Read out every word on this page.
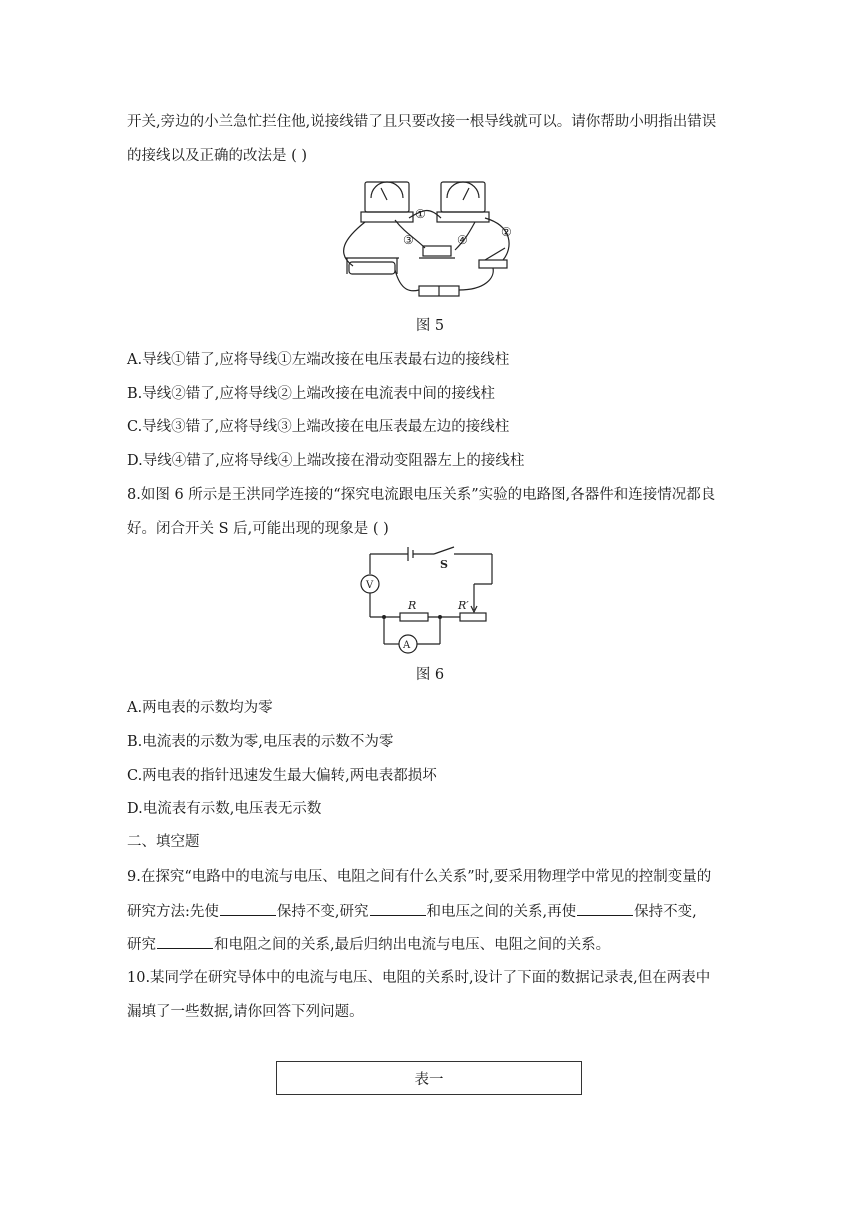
开关,旁边的小兰急忙拦住他,说接线错了且只要改接一根导线就可以。请你帮助小明指出错误
的接线以及正确的改法是 ( )
①
②
③	④
图 5
A.导线①错了,应将导线①左端改接在电压表最右边的接线柱
B.导线②错了,应将导线②上端改接在电流表中间的接线柱
C.导线③错了,应将导线③上端改接在电压表最左边的接线柱
D.导线④错了,应将导线④上端改接在滑动变阻器左上的接线柱
8.如图 6 所示是王洪同学连接的“探究电流跟电压关系”实验的电路图,各器件和连接情况都良
好。闭合开关 S 后,可能出现的现象是 ( )
S
V
A
R	R′
图 6
A.两电表的示数均为零
B.电流表的示数为零,电压表的示数不为零
C.两电表的指针迅速发生最大偏转,两电表都损坏
D.电流表有示数,电压表无示数
二、填空题
9.在探究“电路中的电流与电压、电阻之间有什么关系”时,要采用物理学中常见的控制变量的
研究方法:先使	保持不变,研究	和电压之间的关系,再使	保持不变,
研究	和电阻之间的关系,最后归纳出电流与电压、电阻之间的关系。
10.某同学在研究导体中的电流与电压、电阻的关系时,设计了下面的数据记录表,但在两表中
漏填了一些数据,请你回答下列问题。
表一
